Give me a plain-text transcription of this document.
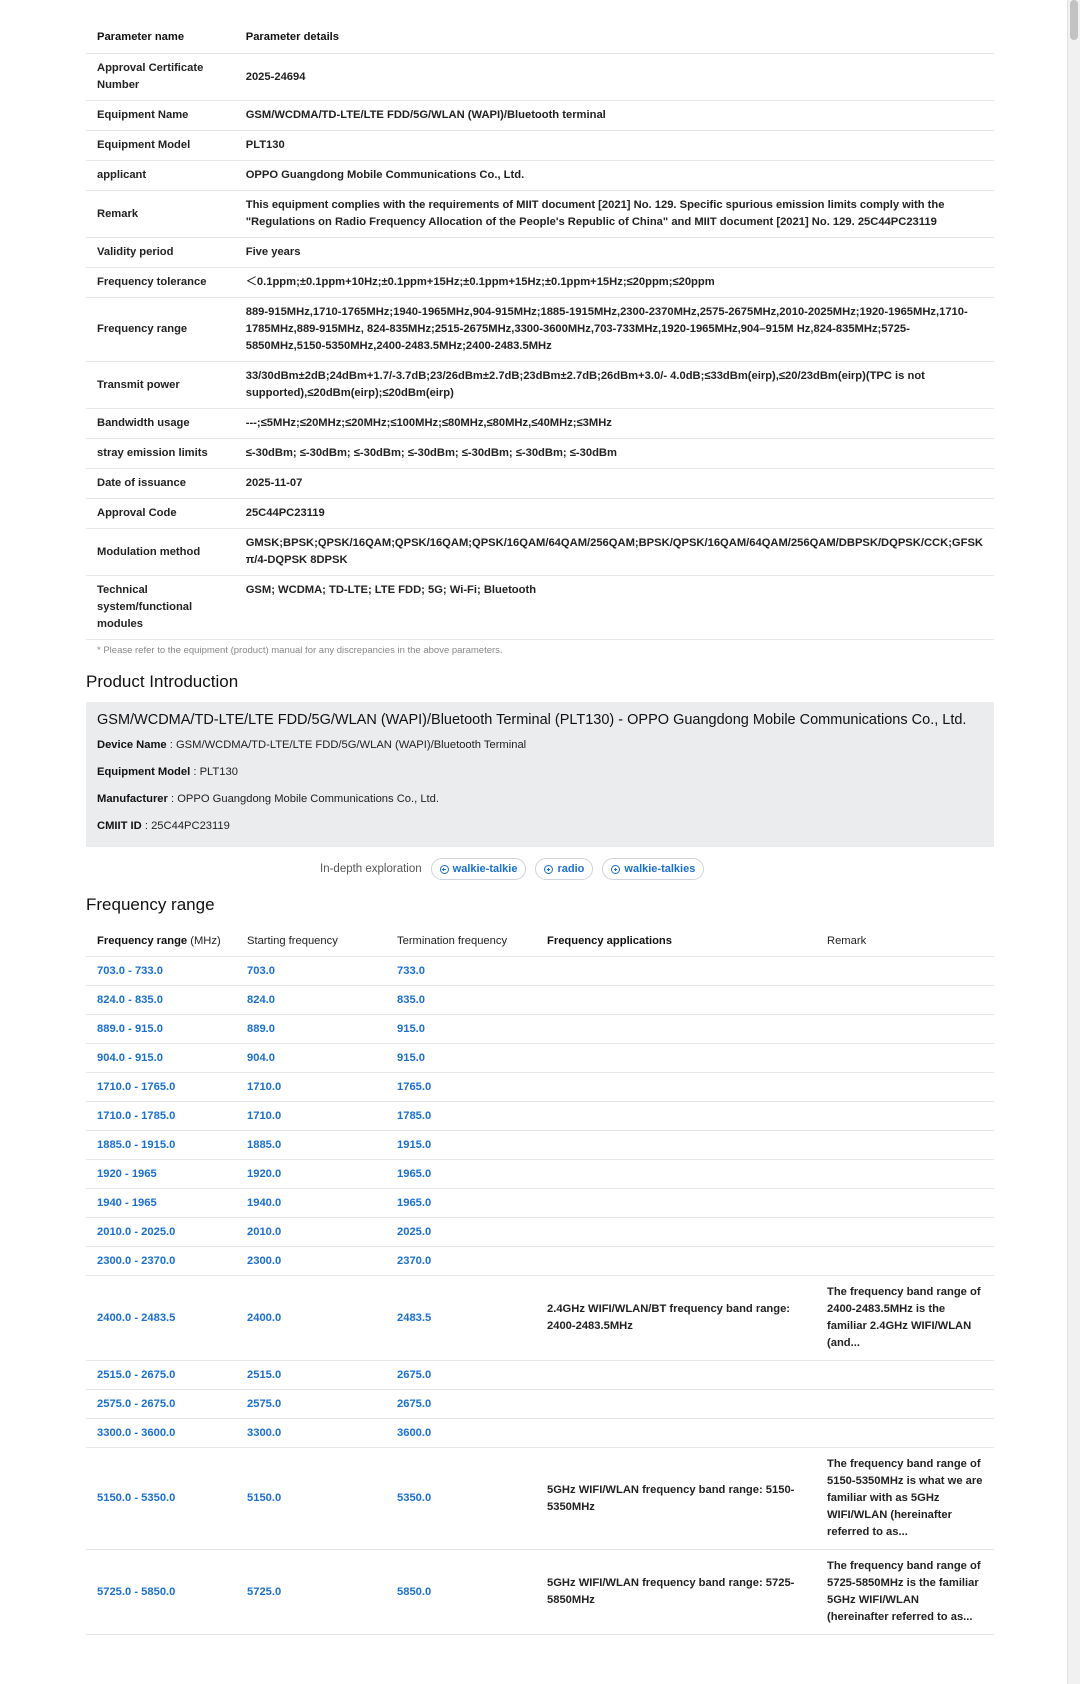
Parameter name	Parameter details
Approval Certificate Number	2025-24694
Equipment Name	GSM/WCDMA/TD-LTE/LTE FDD/5G/WLAN (WAPI)/Bluetooth terminal
Equipment Model	PLT130
applicant	OPPO Guangdong Mobile Communications Co., Ltd.
Remark	This equipment complies with the requirements of MIIT document [2021] No. 129. Specific spurious emission limits comply with the "Regulations on Radio Frequency Allocation of the People's Republic of China" and MIIT document [2021] No. 129. 25C44PC23119
Validity period	Five years
Frequency tolerance	＜0.1ppm;±0.1ppm+10Hz;±0.1ppm+15Hz;±0.1ppm+15Hz;±0.1ppm+15Hz;≤20ppm;≤20ppm
Frequency range	889-915MHz,1710-1765MHz;1940-1965MHz,904-915MHz;1885-1915MHz,2300-2370MHz,2575-2675MHz,2010-2025MHz;1920-1965MHz,1710-1785MHz,889-915MHz, 824-835MHz;2515-2675MHz,3300-3600MHz,703-733MHz,1920-1965MHz,904–915M Hz,824-835MHz;5725-5850MHz,5150-5350MHz,2400-2483.5MHz;2400-2483.5MHz
Transmit power	33/30dBm±2dB;24dBm+1.7/-3.7dB;23/26dBm±2.7dB;23dBm±2.7dB;26dBm+3.0/- 4.0dB;≤33dBm(eirp),≤20/23dBm(eirp)(TPC is not supported),≤20dBm(eirp);≤20dBm(eirp)
Bandwidth usage	---;≤5MHz;≤20MHz;≤20MHz;≤100MHz;≤80MHz,≤80MHz,≤40MHz;≤3MHz
stray emission limits	≤-30dBm; ≤-30dBm; ≤-30dBm; ≤-30dBm; ≤-30dBm; ≤-30dBm; ≤-30dBm
Date of issuance	2025-11-07
Approval Code	25C44PC23119
Modulation method	GMSK;BPSK;QPSK/16QAM;QPSK/16QAM;QPSK/16QAM/64QAM/256QAM;BPSK/QPSK/16QAM/64QAM/256QAM/DBPSK/DQPSK/CCK;GFSK π/4-DQPSK 8DPSK
Technical system/functional modules	GSM; WCDMA; TD-LTE; LTE FDD; 5G; Wi-Fi; Bluetooth
* Please refer to the equipment (product) manual for any discrepancies in the above parameters.
Product Introduction
GSM/WCDMA/TD-LTE/LTE FDD/5G/WLAN (WAPI)/Bluetooth Terminal (PLT130) - OPPO Guangdong Mobile Communications Co., Ltd.
Device Name : GSM/WCDMA/TD-LTE/LTE FDD/5G/WLAN (WAPI)/Bluetooth Terminal
Equipment Model : PLT130
Manufacturer : OPPO Guangdong Mobile Communications Co., Ltd.
CMIIT ID : 25C44PC23119
In-depth exploration	walkie-talkie	radio	walkie-talkies
Frequency range
Frequency range (MHz)	Starting frequency	Termination frequency	Frequency applications	Remark
703.0 - 733.0	703.0	733.0		
824.0 - 835.0	824.0	835.0		
889.0 - 915.0	889.0	915.0		
904.0 - 915.0	904.0	915.0		
1710.0 - 1765.0	1710.0	1765.0		
1710.0 - 1785.0	1710.0	1785.0		
1885.0 - 1915.0	1885.0	1915.0		
1920 - 1965	1920.0	1965.0		
1940 - 1965	1940.0	1965.0		
2010.0 - 2025.0	2010.0	2025.0		
2300.0 - 2370.0	2300.0	2370.0		
2400.0 - 2483.5	2400.0	2483.5	2.4GHz WIFI/WLAN/BT frequency band range: 2400-2483.5MHz	The frequency band range of 2400-2483.5MHz is the familiar 2.4GHz WIFI/WLAN (and...
2515.0 - 2675.0	2515.0	2675.0		
2575.0 - 2675.0	2575.0	2675.0		
3300.0 - 3600.0	3300.0	3600.0		
5150.0 - 5350.0	5150.0	5350.0	5GHz WIFI/WLAN frequency band range: 5150-5350MHz	The frequency band range of 5150-5350MHz is what we are familiar with as 5GHz WIFI/WLAN (hereinafter referred to as...
5725.0 - 5850.0	5725.0	5850.0	5GHz WIFI/WLAN frequency band range: 5725-5850MHz	The frequency band range of 5725-5850MHz is the familiar 5GHz WIFI/WLAN (hereinafter referred to as...
